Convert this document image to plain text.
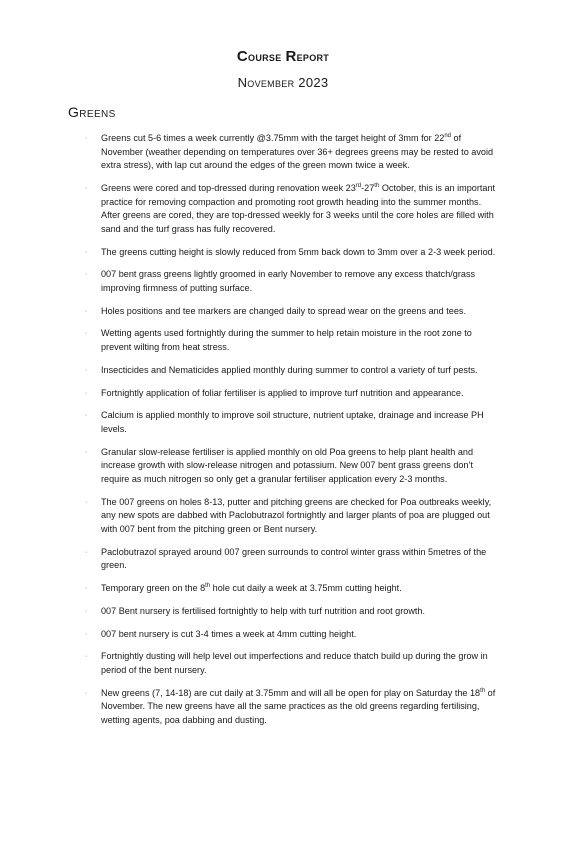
Course Report
November 2023
Greens
· Greens cut 5-6 times a week currently @3.75mm with the target height of 3mm for 22nd of November (weather depending on temperatures over 36+ degrees greens may be rested to avoid extra stress), with lap cut around the edges of the green mown twice a week.
· Greens were cored and top-dressed during renovation week 23rd-27th October, this is an important practice for removing compaction and promoting root growth heading into the summer months. After greens are cored, they are top-dressed weekly for 3 weeks until the core holes are filled with sand and the turf grass has fully recovered.
· The greens cutting height is slowly reduced from 5mm back down to 3mm over a 2-3 week period.
· 007 bent grass greens lightly groomed in early November to remove any excess thatch/grass improving firmness of putting surface.
· Holes positions and tee markers are changed daily to spread wear on the greens and tees.
· Wetting agents used fortnightly during the summer to help retain moisture in the root zone to prevent wilting from heat stress.
· Insecticides and Nematicides applied monthly during summer to control a variety of turf pests.
· Fortnightly application of foliar fertiliser is applied to improve turf nutrition and appearance.
· Calcium is applied monthly to improve soil structure, nutrient uptake, drainage and increase PH levels.
· Granular slow-release fertiliser is applied monthly on old Poa greens to help plant health and increase growth with slow-release nitrogen and potassium. New 007 bent grass greens don’t require as much nitrogen so only get a granular fertiliser application every 2-3 months.
· The 007 greens on holes 8-13, putter and pitching greens are checked for Poa outbreaks weekly, any new spots are dabbed with Paclobutrazol fortnightly and larger plants of poa are plugged out with 007 bent from the pitching green or Bent nursery.
· Paclobutrazol sprayed around 007 green surrounds to control winter grass within 5metres of the green.
· Temporary green on the 8th hole cut daily a week at 3.75mm cutting height.
· 007 Bent nursery is fertilised fortnightly to help with turf nutrition and root growth.
· 007 bent nursery is cut 3-4 times a week at 4mm cutting height.
· Fortnightly dusting will help level out imperfections and reduce thatch build up during the grow in period of the bent nursery.
· New greens (7, 14-18) are cut daily at 3.75mm and will all be open for play on Saturday the 18th of November. The new greens have all the same practices as the old greens regarding fertilising, wetting agents, poa dabbing and dusting.
